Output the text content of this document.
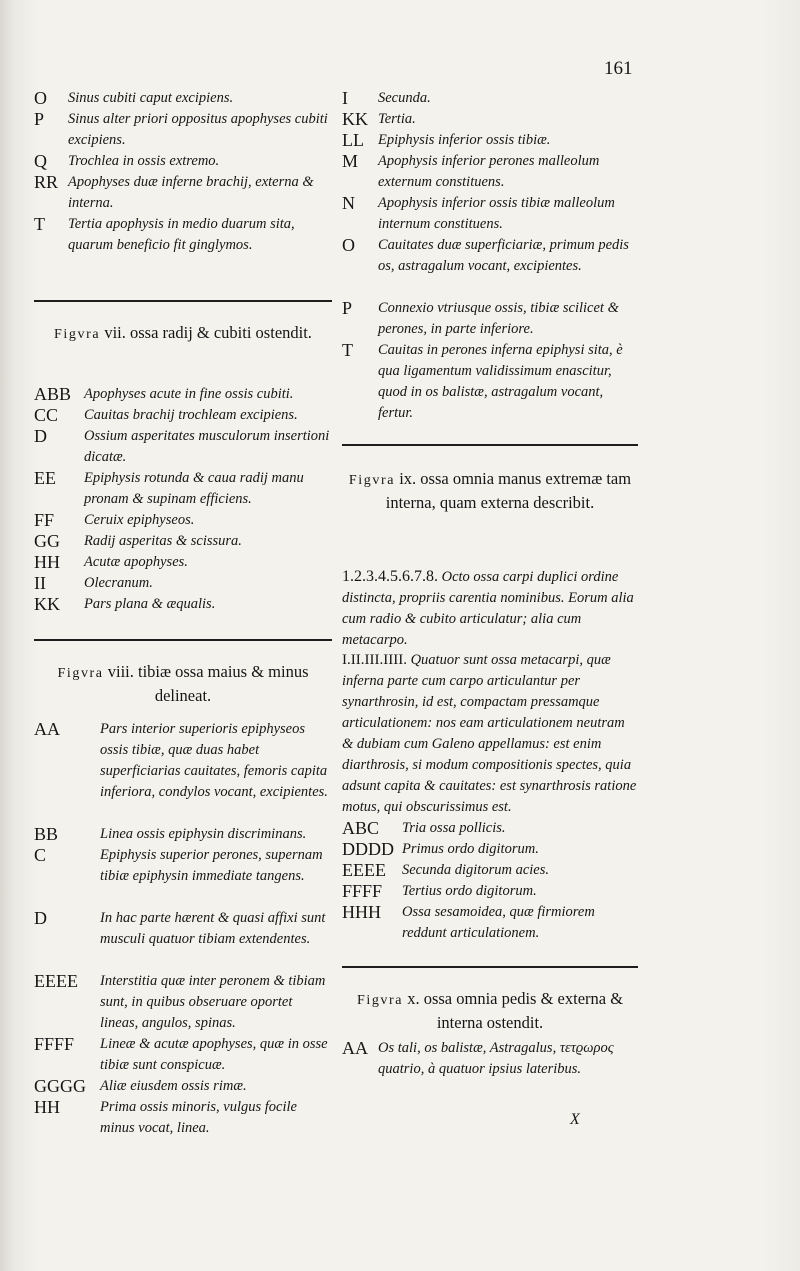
161
O	Sinus cubiti caput excipiens.
P	Sinus alter priori oppositus apophyses cubiti excipiens.
Q	Trochlea in ossis extremo.
RR Apophyses duæ inferne brachij, externa & interna.
T	Tertia apophysis in medio duarum sita, quarum beneficio fit ginglymos.
Figvra vii. ossa radij & cubiti ostendit.
ABB Apophyses acute in fine ossis cubiti.
CC	Cauitas brachij trochleam excipiens.
D	Ossium asperitates musculorum insertioni dicatæ.
EE	Epiphysis rotunda & caua radij manu pronam & supinam efficiens.
FF	Ceruix epiphyseos.
GG	Radij asperitas & scissura.
HH	Acutæ apophyses.
II	Olecranum.
KK	Pars plana & æqualis.
Figvra viii. tibiæ ossa maius & minus delineat.
AA	Pars interior superioris epiphyseos ossis tibiæ, quæ duas habet superficiarias cauitates, femoris capita inferiora, condylos vocant, excipientes.
BB	Linea ossis epiphysin discriminans.
C	Epiphysis superior perones, supernam tibiæ epiphysin immediate tangens.
D	In hac parte hærent & quasi affixi sunt musculi quatuor tibiam extendentes.
EEEE	Interstitia quæ inter peronem & tibiam sunt, in quibus obseruare oportet lineas, angulos, spinas.
FFFF	Lineæ & acutæ apophyses, quæ in osse tibiæ sunt conspicuæ.
GGGG Aliæ eiusdem ossis rimæ.
HH	Prima ossis minoris, vulgus focile minus vocat, linea.
I	Secunda.
KK Tertia.
LL Epiphysis inferior ossis tibiæ.
M	Apophysis inferior perones malleolum externum constituens.
N	Apophysis inferior ossis tibiæ malleolum internum constituens.
O	Cauitates duæ superficiariæ, primum pedis os, astragalum vocant, excipientes.
P	Connexio vtriusque ossis, tibiæ scilicet & perones, in parte inferiore.
T	Cauitas in perones inferna epiphysi sita, è qua ligamentum validissimum enascitur, quod in os balistæ, astragalum vocant, fertur.
Figvra ix. ossa omnia manus extremæ tam interna, quam externa describit.
1.2.3.4.5.6.7.8. Octo ossa carpi duplici ordine distincta, propriis carentia nominibus. Eorum alia cum radio & cubito articulatur; alia cum metacarpo.
I.II.III.IIII. Quatuor sunt ossa metacarpi, quæ inferna parte cum carpo articulantur per synarthrosin, id est, compactam pressamque articulationem: nos eam articulationem neutram & dubiam cum Galeno appellamus: est enim diarthrosis, si modum compositionis spectes, quia adsunt capita & cauitates: est synarthrosis ratione motus, qui obscurissimus est.
ABC	Tria ossa pollicis.
DDDD Primus ordo digitorum.
EEEE	Secunda digitorum acies.
FFFF	Tertius ordo digitorum.
HHH	Ossa sesamoidea, quæ firmiorem reddunt articulationem.
Figvra x. ossa omnia pedis & externa & interna ostendit.
AA Os tali, os balistæ, Astragalus, τετϱωρος quatrio, à quatuor ipsius lateribus.
X
